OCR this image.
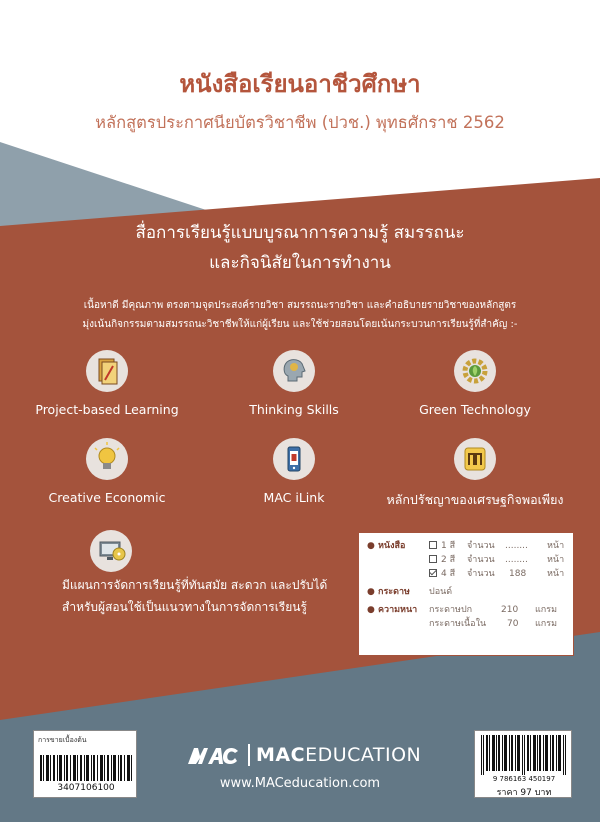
หนังสือเรียนอาชีวศึกษา
หลักสูตรประกาศนียบัตรวิชาชีพ (ปวช.) พุทธศักราช 2562
สื่อการเรียนรู้แบบบูรณาการความรู้ สมรรถนะ
และกิจนิสัยในการทำงาน
เนื้อหาดี มีคุณภาพ ตรงตามจุดประสงค์รายวิชา สมรรถนะรายวิชา และคำอธิบายรายวิชาของหลักสูตร
มุ่งเน้นกิจกรรมตามสมรรถนะวิชาชีพให้แก่ผู้เรียน และใช้ช่วยสอนโดยเน้นกระบวนการเรียนรู้ที่สำคัญ :-
Project-based Learning	Thinking Skills	Green Technology
Creative Economic	MAC iLink	หลักปรัชญาของเศรษฐกิจพอเพียง
มีแผนการจัดการเรียนรู้ที่ทันสมัย สะดวก และปรับได้
สำหรับผู้สอนใช้เป็นแนวทางในการจัดการเรียนรู้
● หนังสือ	1 สี จำนวน ........ หน้า
2 สี จำนวน ........ หน้า
4 สี จำนวน 188 หน้า
● กระดาษ ปอนด์
● ความหนา กระดาษปก	210 แกรม
กระดาษเนื้อใน 70 แกรม
การขายเบื้องต้น
3407106100
MACEDUCATION
www.MACeducation.com	9 786163 450197
ราคา 97 บาท
